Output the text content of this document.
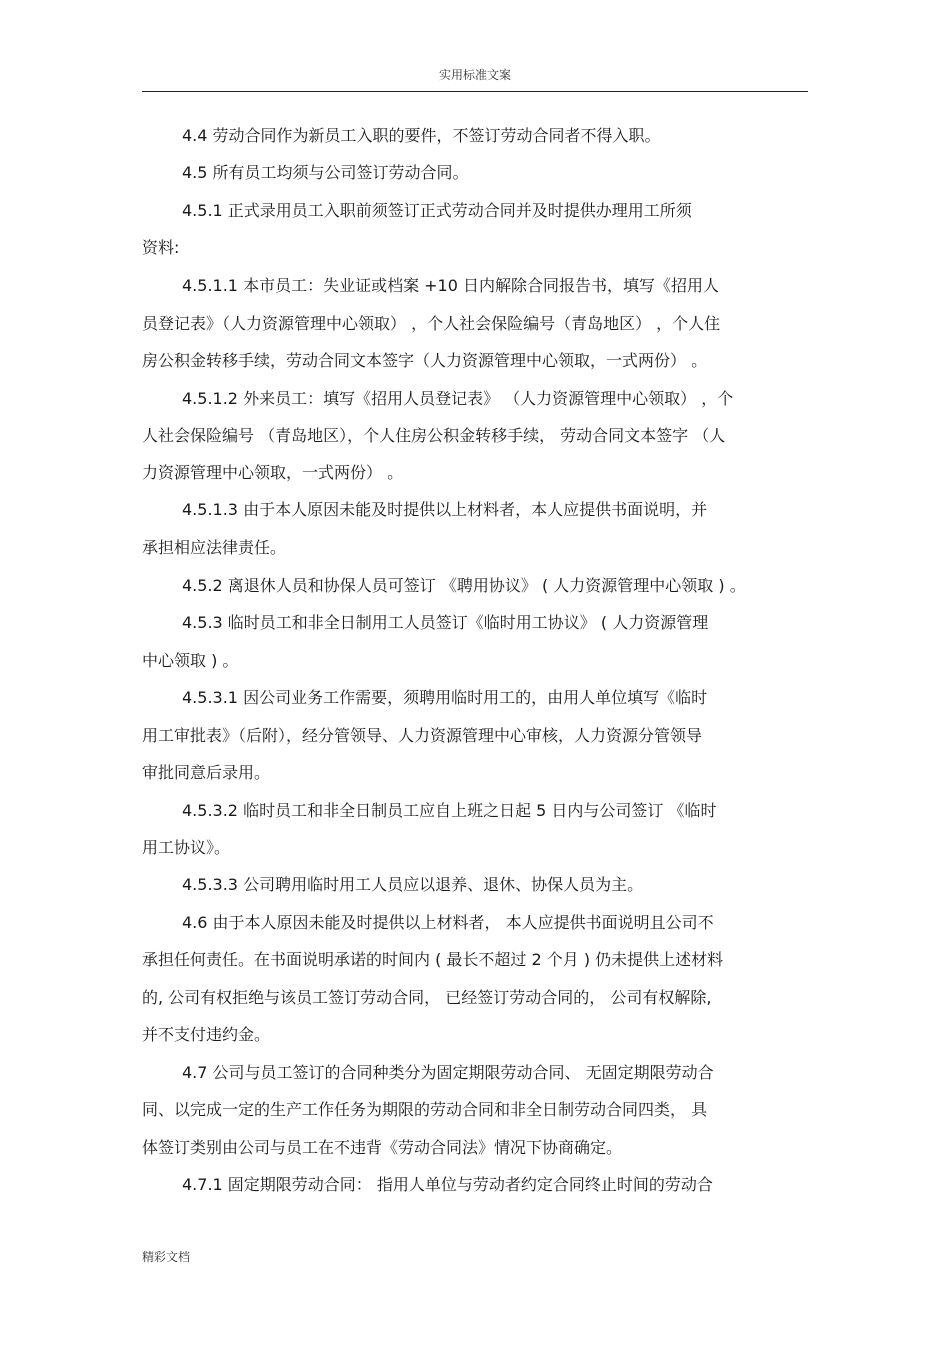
实用标准文案
4.4 劳动合同作为新员工入职的要件，不签订劳动合同者不得入职。
4.5 所有员工均须与公司签订劳动合同。
4.5.1 正式录用员工入职前须签订正式劳动合同并及时提供办理用工所须
资料:
4.5.1.1 本市员工：失业证或档案 +10 日内解除合同报告书，填写《招用人
员登记表》（人力资源管理中心领取） ，个人社会保险编号（青岛地区） ，个人住
房公积金转移手续，劳动合同文本签字（人力资源管理中心领取，一式两份） 。
4.5.1.2 外来员工：填写《招用人员登记表》 （人力资源管理中心领取） ，个
人社会保险编号 （青岛地区），个人住房公积金转移手续， 劳动合同文本签字 （人
力资源管理中心领取，一式两份） 。
4.5.1.3 由于本人原因未能及时提供以上材料者，本人应提供书面说明，并
承担相应法律责任。
4.5.2 离退休人员和协保人员可签订 《聘用协议》 ( 人力资源管理中心领取 ) 。
4.5.3 临时员工和非全日制用工人员签订《临时用工协议》 ( 人力资源管理
中心领取 ) 。
4.5.3.1 因公司业务工作需要，须聘用临时用工的，由用人单位填写《临时
用工审批表》（后附），经分管领导、人力资源管理中心审核，人力资源分管领导
审批同意后录用。
4.5.3.2 临时员工和非全日制员工应自上班之日起 5 日内与公司签订 《临时
用工协议》。
4.5.3.3 公司聘用临时用工人员应以退养、退休、协保人员为主。
4.6 由于本人原因未能及时提供以上材料者， 本人应提供书面说明且公司不
承担任何责任。在书面说明承诺的时间内 ( 最长不超过 2 个月 ) 仍未提供上述材料
的, 公司有权拒绝与该员工签订劳动合同， 已经签订劳动合同的， 公司有权解除,
并不支付违约金。
4.7 公司与员工签订的合同种类分为固定期限劳动合同、 无固定期限劳动合
同、以完成一定的生产工作任务为期限的劳动合同和非全日制劳动合同四类， 具
体签订类别由公司与员工在不违背《劳动合同法》情况下协商确定。
4.7.1 固定期限劳动合同： 指用人单位与劳动者约定合同终止时间的劳动合
精彩文档
